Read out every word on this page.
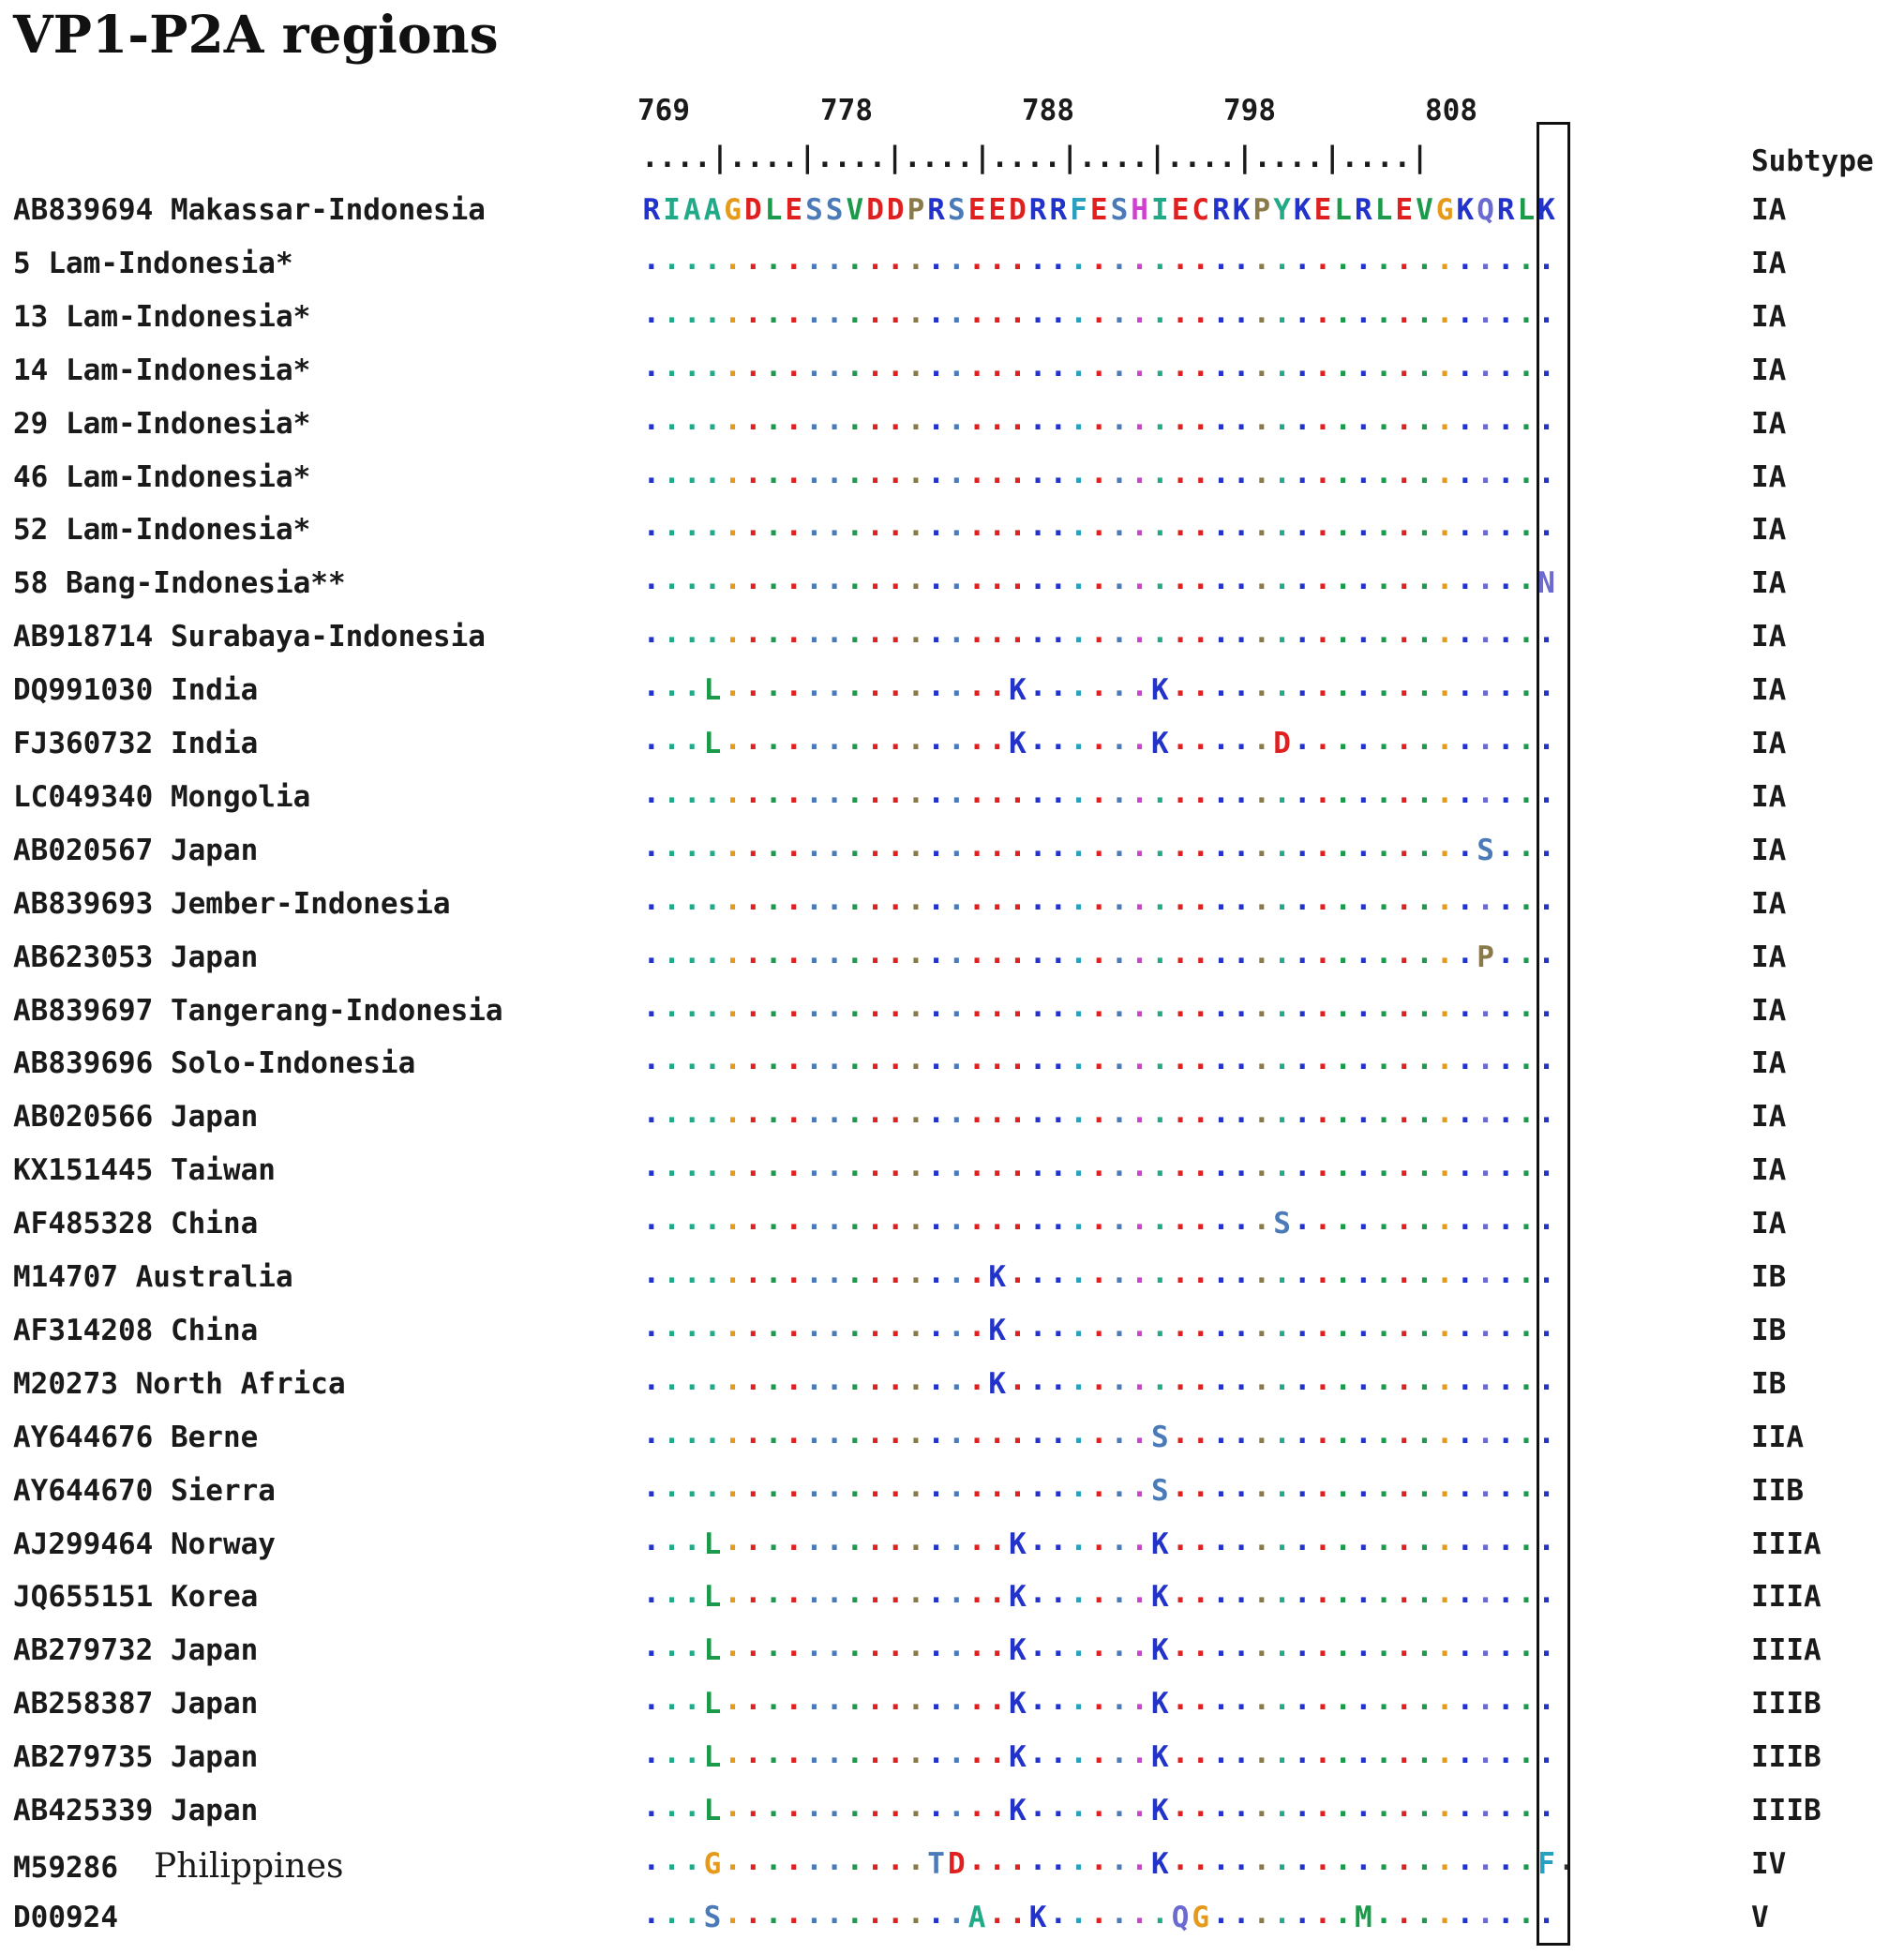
VP1-P2A regions
769	778	788	798	808
....|....|....|....|....|....|....|....|....|	Subtype
AB839694 Makassar-Indonesia	R I A A G D L E S S V D D P R S E E D R R F E S H I E C R K P Y K E L R L E V G K Q R L K	IA
5 Lam-Indonesia*	. . . . . . . . . . . . . . . . . . . . . . . . . . . . . . . . . . . . . . . . . . . . .	IA
13 Lam-Indonesia*	. . . . . . . . . . . . . . . . . . . . . . . . . . . . . . . . . . . . . . . . . . . . .	IA
14 Lam-Indonesia*	. . . . . . . . . . . . . . . . . . . . . . . . . . . . . . . . . . . . . . . . . . . . .	IA
29 Lam-Indonesia*	. . . . . . . . . . . . . . . . . . . . . . . . . . . . . . . . . . . . . . . . . . . . .	IA
46 Lam-Indonesia*	. . . . . . . . . . . . . . . . . . . . . . . . . . . . . . . . . . . . . . . . . . . . .	IA
52 Lam-Indonesia*	. . . . . . . . . . . . . . . . . . . . . . . . . . . . . . . . . . . . . . . . . . . . .	IA
58 Bang-Indonesia**	. . . . . . . . . . . . . . . . . . . . . . . . . . . . . . . . . . . . . . . . . . . . N	IA
AB918714 Surabaya-Indonesia	. . . . . . . . . . . . . . . . . . . . . . . . . . . . . . . . . . . . . . . . . . . . .	IA
DQ991030 India	. . . L . . . . . . . . . . . . . . K . . . . . . K . . . . . . . . . . . . . . . . . . .	IA
FJ360732 India	. . . L . . . . . . . . . . . . . . K . . . . . . K . . . . . D . . . . . . . . . . . . .	IA
LC049340 Mongolia	. . . . . . . . . . . . . . . . . . . . . . . . . . . . . . . . . . . . . . . . . . . . .	IA
AB020567 Japan	. . . . . . . . . . . . . . . . . . . . . . . . . . . . . . . . . . . . . . . . . S . . .	IA
AB839693 Jember-Indonesia	. . . . . . . . . . . . . . . . . . . . . . . . . . . . . . . . . . . . . . . . . . . . .	IA
AB623053 Japan	. . . . . . . . . . . . . . . . . . . . . . . . . . . . . . . . . . . . . . . . . P . . .	IA
AB839697 Tangerang-Indonesia	. . . . . . . . . . . . . . . . . . . . . . . . . . . . . . . . . . . . . . . . . . . . .	IA
AB839696 Solo-Indonesia	. . . . . . . . . . . . . . . . . . . . . . . . . . . . . . . . . . . . . . . . . . . . .	IA
AB020566 Japan	. . . . . . . . . . . . . . . . . . . . . . . . . . . . . . . . . . . . . . . . . . . . .	IA
KX151445 Taiwan	. . . . . . . . . . . . . . . . . . . . . . . . . . . . . . . . . . . . . . . . . . . . .	IA
AF485328 China	. . . . . . . . . . . . . . . . . . . . . . . . . . . . . . . S . . . . . . . . . . . . .	IA
M14707 Australia	. . . . . . . . . . . . . . . . . K . . . . . . . . . . . . . . . . . . . . . . . . . . .	IB
AF314208 China	. . . . . . . . . . . . . . . . . K . . . . . . . . . . . . . . . . . . . . . . . . . . .	IB
M20273 North Africa	. . . . . . . . . . . . . . . . . K . . . . . . . . . . . . . . . . . . . . . . . . . . .	IB
AY644676 Berne	. . . . . . . . . . . . . . . . . . . . . . . . . S . . . . . . . . . . . . . . . . . . .	IIA
AY644670 Sierra	. . . . . . . . . . . . . . . . . . . . . . . . . S . . . . . . . . . . . . . . . . . . .	IIB
AJ299464 Norway	. . . L . . . . . . . . . . . . . . K . . . . . . K . . . . . . . . . . . . . . . . . . .	IIIA
JQ655151 Korea	. . . L . . . . . . . . . . . . . . K . . . . . . K . . . . . . . . . . . . . . . . . . .	IIIA
AB279732 Japan	. . . L . . . . . . . . . . . . . . K . . . . . . K . . . . . . . . . . . . . . . . . . .	IIIA
AB258387 Japan	. . . L . . . . . . . . . . . . . . K . . . . . . K . . . . . . . . . . . . . . . . . . .	IIIB
AB279735 Japan	. . . L . . . . . . . . . . . . . . K . . . . . . K . . . . . . . . . . . . . . . . . . .	IIIB
AB425339 Japan	. . . L . . . . . . . . . . . . . . K . . . . . . K . . . . . . . . . . . . . . . . . . .	IIIB
M59286 Philippines	. . . G . . . . . . . . . . T D . . . . . . . . . K . . . . . . . . . . . . . . . . . . F .	IV
D00924	. . . S . . . . . . . . . . . . A . . K . . . . . . Q G . . . . . . . M . . . . . . . . .	V
